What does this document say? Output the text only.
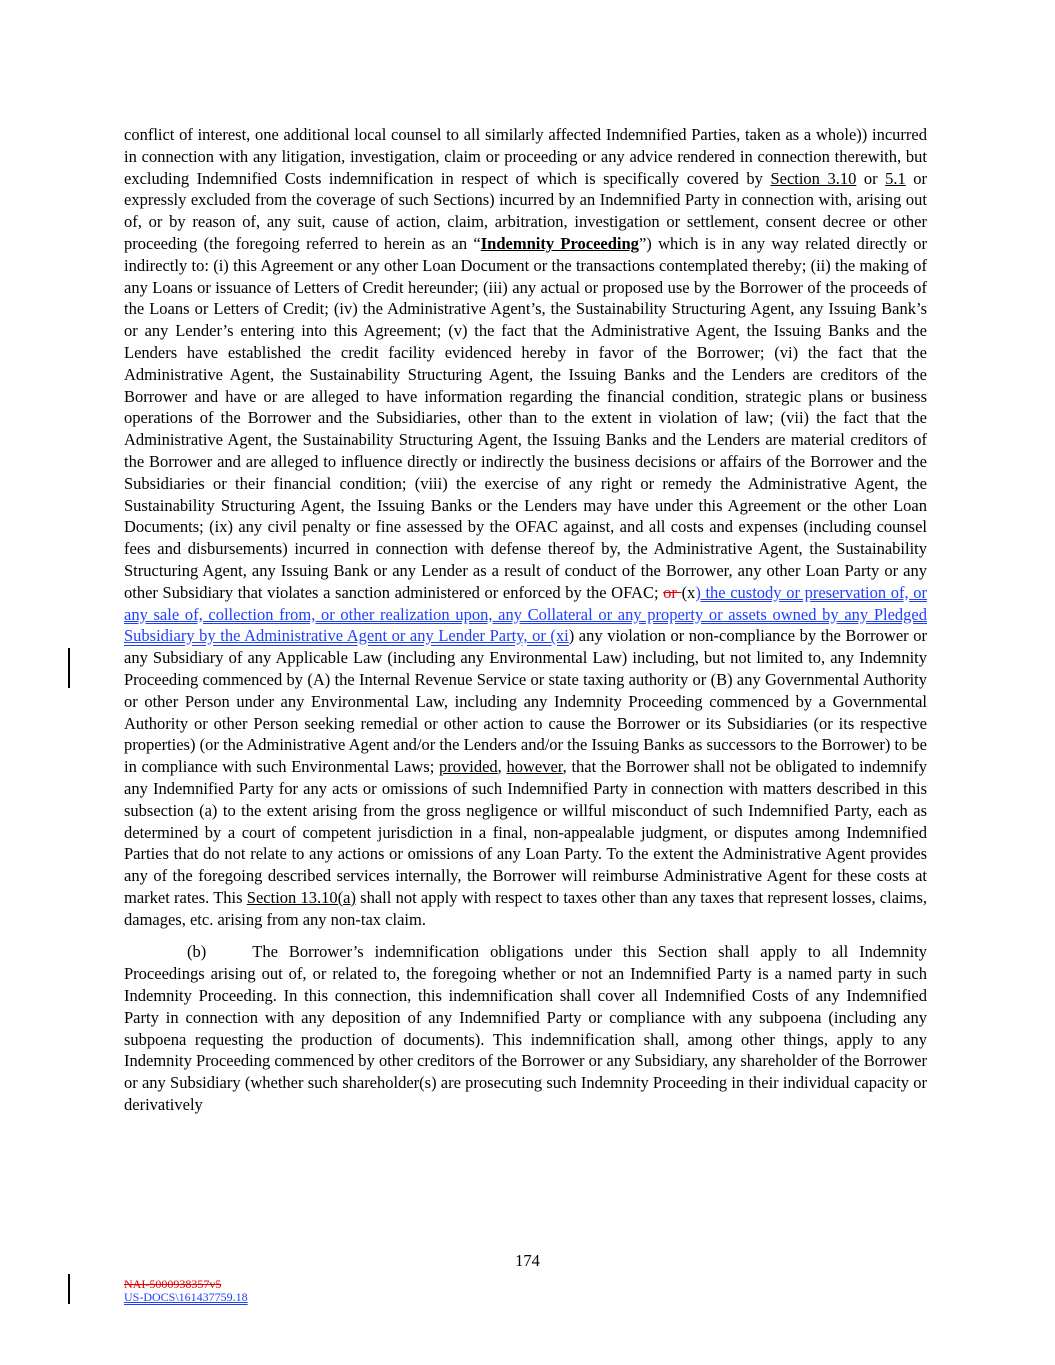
conflict of interest, one additional local counsel to all similarly affected Indemnified Parties, taken as a whole)) incurred in connection with any litigation, investigation, claim or proceeding or any advice rendered in connection therewith, but excluding Indemnified Costs indemnification in respect of which is specifically covered by Section 3.10 or 5.1 or expressly excluded from the coverage of such Sections) incurred by an Indemnified Party in connection with, arising out of, or by reason of, any suit, cause of action, claim, arbitration, investigation or settlement, consent decree or other proceeding (the foregoing referred to herein as an “Indemnity Proceeding”) which is in any way related directly or indirectly to: (i) this Agreement or any other Loan Document or the transactions contemplated thereby; (ii) the making of any Loans or issuance of Letters of Credit hereunder; (iii) any actual or proposed use by the Borrower of the proceeds of the Loans or Letters of Credit; (iv) the Administrative Agent’s, the Sustainability Structuring Agent, any Issuing Bank’s or any Lender’s entering into this Agreement; (v) the fact that the Administrative Agent, the Issuing Banks and the Lenders have established the credit facility evidenced hereby in favor of the Borrower; (vi) the fact that the Administrative Agent, the Sustainability Structuring Agent, the Issuing Banks and the Lenders are creditors of the Borrower and have or are alleged to have information regarding the financial condition, strategic plans or business operations of the Borrower and the Subsidiaries, other than to the extent in violation of law; (vii) the fact that the Administrative Agent, the Sustainability Structuring Agent, the Issuing Banks and the Lenders are material creditors of the Borrower and are alleged to influence directly or indirectly the business decisions or affairs of the Borrower and the Subsidiaries or their financial condition; (viii) the exercise of any right or remedy the Administrative Agent, the Sustainability Structuring Agent, the Issuing Banks or the Lenders may have under this Agreement or the other Loan Documents; (ix) any civil penalty or fine assessed by the OFAC against, and all costs and expenses (including counsel fees and disbursements) incurred in connection with defense thereof by, the Administrative Agent, the Sustainability Structuring Agent, any Issuing Bank or any Lender as a result of conduct of the Borrower, any other Loan Party or any other Subsidiary that violates a sanction administered or enforced by the OFAC; or (x) the custody or preservation of, or any sale of, collection from, or other realization upon, any Collateral or any property or assets owned by any Pledged Subsidiary by the Administrative Agent or any Lender Party, or (xi) any violation or non-compliance by the Borrower or any Subsidiary of any Applicable Law (including any Environmental Law) including, but not limited to, any Indemnity Proceeding commenced by (A) the Internal Revenue Service or state taxing authority or (B) any Governmental Authority or other Person under any Environmental Law, including any Indemnity Proceeding commenced by a Governmental Authority or other Person seeking remedial or other action to cause the Borrower or its Subsidiaries (or its respective properties) (or the Administrative Agent and/or the Lenders and/or the Issuing Banks as successors to the Borrower) to be in compliance with such Environmental Laws; provided, however, that the Borrower shall not be obligated to indemnify any Indemnified Party for any acts or omissions of such Indemnified Party in connection with matters described in this subsection (a) to the extent arising from the gross negligence or willful misconduct of such Indemnified Party, each as determined by a court of competent jurisdiction in a final, non-appealable judgment, or disputes among Indemnified Parties that do not relate to any actions or omissions of any Loan Party. To the extent the Administrative Agent provides any of the foregoing described services internally, the Borrower will reimburse Administrative Agent for these costs at market rates. This Section 13.10(a) shall not apply with respect to taxes other than any taxes that represent losses, claims, damages, etc. arising from any non-tax claim.

(b)	The Borrower’s indemnification obligations under this Section shall apply to all Indemnity Proceedings arising out of, or related to, the foregoing whether or not an Indemnified Party is a named party in such Indemnity Proceeding. In this connection, this indemnification shall cover all Indemnified Costs of any Indemnified Party in connection with any deposition of any Indemnified Party or compliance with any subpoena (including any subpoena requesting the production of documents). This indemnification shall, among other things, apply to any Indemnity Proceeding commenced by other creditors of the Borrower or any Subsidiary, any shareholder of the Borrower or any Subsidiary (whether such shareholder(s) are prosecuting such Indemnity Proceeding in their individual capacity or derivatively

174
NAI-5000938357v5
US-DOCS\161437759.18
